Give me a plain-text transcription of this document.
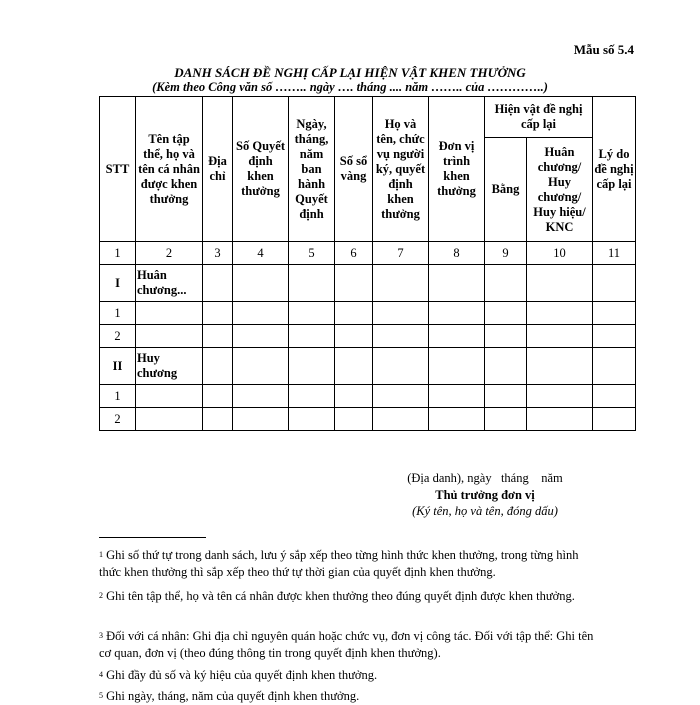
Mẫu số 5.4
DANH SÁCH ĐỀ NGHỊ CẤP LẠI HIỆN VẬT KHEN THƯỞNG
(Kèm theo Công văn số …….. ngày …. tháng .... năm …….. của …………..)
STT	Tên tập thể, họ và tên cá nhân được khen thưởng	Địa chỉ	Số Quyết định khen thưởng	Ngày, tháng, năm ban hành Quyết định	Số sổ vàng	Họ và tên, chức vụ người ký, quyết định khen thưởng	Đơn vị trình khen thưởng	Hiện vật đề nghị cấp lại		Lý do đề nghị cấp lại
								Bằng	Huân chương/ Huy chương/ Huy hiệu/ KNC	
1	2	3	4	5	6	7	8	9	10	11
I	Huân chương...									
1										
2										
II	Huy chương									
1										
2										
(Địa danh), ngày   tháng    năm
Thủ trưởng đơn vị
(Ký tên, họ và tên, đóng dấu)
$^1$ Ghi số thứ tự trong danh sách, lưu ý sắp xếp theo từng hình thức khen thưởng, trong từng hình thức khen thưởng thì sắp xếp theo thứ tự thời gian của quyết định khen thưởng.
$^2$ Ghi tên tập thể, họ và tên cá nhân được khen thưởng theo đúng quyết định được khen thưởng.
$^3$ Đối với cá nhân: Ghi địa chỉ nguyên quán hoặc chức vụ, đơn vị công tác. Đối với tập thể: Ghi tên cơ quan, đơn vị (theo đúng thông tin trong quyết định khen thưởng).
$^4$ Ghi đầy đủ số và ký hiệu của quyết định khen thưởng.
$^5$ Ghi ngày, tháng, năm của quyết định khen thưởng.
